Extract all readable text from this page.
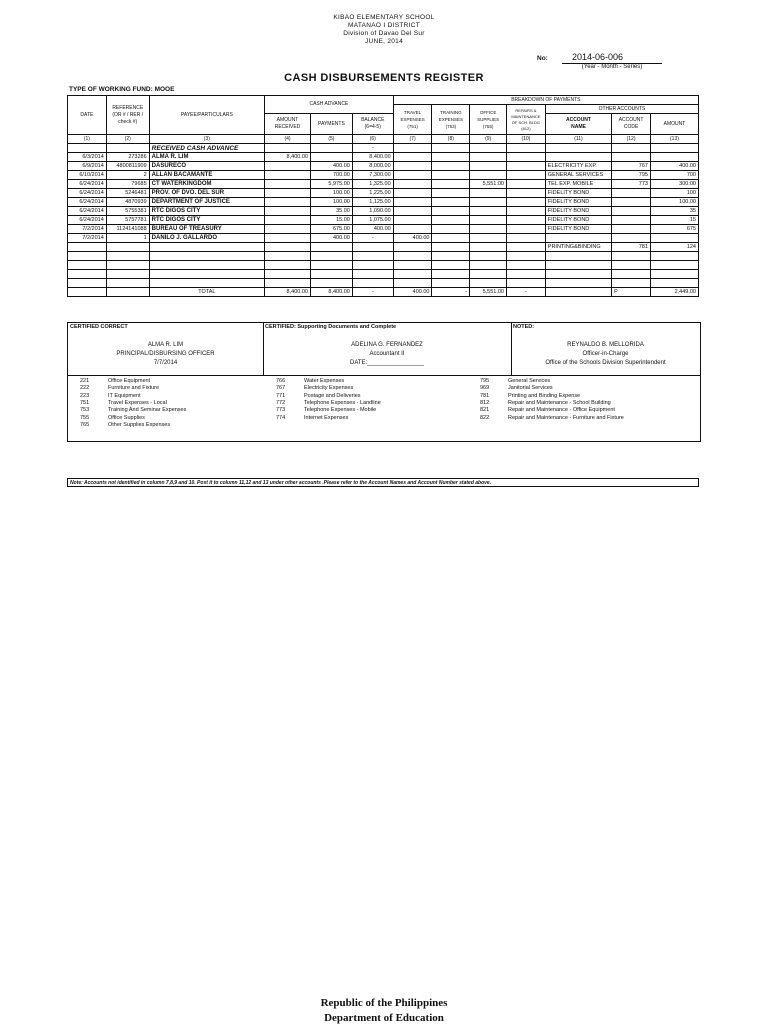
KIBAO ELEMENTARY SCHOOL
MATANAO I DISTRICT
Division of Davao Del Sur
JUNE, 2014
No:	2014-06-006
(Year - Month - Series)
CASH DISBURSEMENTS REGISTER
TYPE OF WORKING FUND: MOOE
DATE	REFERENCE
(OR # / RER /
check #)	PAYEE/PARTICULARS	CASH ADVANCE			BREAKDOWN OF PAYMENTS						
						TRAVEL
EXPENSES
(751)	TRAINING
EXPENSES
(753)	OFFICE
SUPPLIES
(755)	REPAIRS &
MAINTENANCE
OF SCH. BLDG
(812)	OTHER ACCOUNTS		
			AMOUNT
RECEIVED	PAYMENTS	BALANCE
(6=4-5)					ACCOUNT
NAME	ACCOUNT
CODE	AMOUNT
(1)	(2)	(3)	(4)	(5)	(6)	(7)	(8)	(9)	(10)	(11)	(12)	(13)
		RECEIVED CASH ADVANCE			-							
6/3/2014	273286	ALMA R. LIM	8,400.00		8,400.00							
6/9/2014	4800811909	DASURECO		400.00	8,000.00					ELECTRICITY EXP.	767	400.00
6/10/2014	2	ALLAN BACAMANTE		700.00	7,300.00					GENERAL SERVICES	795	700
6/24/2014	79685	CT WATERKINGDOM		5,975.00	1,325.00			5,551.00		TEL EXP. MOBILE	773	300.00
6/24/2014	5246481	PROV. OF DVO. DEL SUR		100.00	1,225.00					FIDELITY BOND		100
6/24/2014	4870939	DEPARTMENT OF JUSTICE		100.00	1,125.00					FIDELITY BOND		100.00
6/24/2014	5755381	RTC DIGOS CITY		35.00	1,090.00					FIDELITY BOND		35
6/24/2014	5757781	RTC DIGOS CITY		15.00	1,075.00					FIDELITY BOND		15
7/2/2014	1124141088	BUREAU OF TREASURY		675.00	400.00					FIDELITY BOND		675
7/2/2014	1	DANILO J. GALLARDO		400.00	-	400.00						
										PRINTING&BINDING	781	124

		TOTAL	8,400.00	8,400.00	-	400.00	-	5,551.00	-		P	2,449.00
CERTIFIED CORRECT
ALMA R. LIM
PRINCIPAL/DISBURSING OFFICER
7/7/2014
CERTIFIED: Supporting Documents and Complete
ADELINA G. FERNANDEZ
Accountant II
DATE:_________________
NOTED:
REYNALDO B. MELLORIDA
Officer-in-Charge
Office of the Schools Division Superintendent
221	Office Equipment
222	Furniture and Fixture
223	IT Equipment
751	Travel Expenses - Local
753	Training And Seminar Expenses
755	Office Supplies
765	Other Supplies Expenses
766	Water Expenses
767	Electricity Expenses
771	Postage and Deliveries
772	Telephone Expenses - Landline
773	Telephone Expenses - Mobile
774	Internet Expenses
795	General Services
969	Janitorial Services
781	Printing and Binding Expense
812	Repair and Maintenance - School Building
821	Repair and Maintenance - Office Equipment
822	Repair and Maintenance - Furniture and Fixture
Note: Accounts not identified in column 7,8,9 and 10. Post it to column 11,12 and 13 under other accounts .Please refer to the Account Names and Account Number stated above.
Republic of the Philippines
Department of Education
